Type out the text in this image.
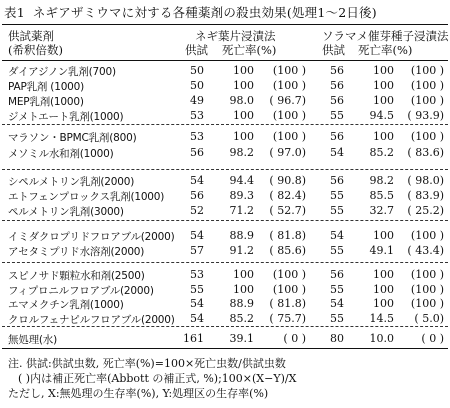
表1 ネギアザミウマに対する各種薬剤の殺虫効果(処理1〜2日後)
供試薬剤
(希釈倍数)
ネギ葉片浸漬法	ソラマメ催芽種子浸漬法
供試 死亡率(%)	供試 死亡率(%)
ダイアジノン乳剤(700)	50	100	(100 )	56	100	(100 )
PAP乳剤 (1000)	50	100	(100 )	56	100	(100 )
MEP乳剤(1000)	49	98.0	( 96.7)	56	100	(100 )
ジメトエート乳剤(1000)	53	100	(100 )	55	94.5	( 93.9)
マラソン・BPMC乳剤(800)	53	100	(100 )	56	100	(100 )
メソミル水和剤(1000)	56	98.2	( 97.0)	54	85.2	( 83.6)
シペルメトリン乳剤(2000)	54	94.4	( 90.8)	56	98.2	( 98.0)
エトフェンプロックス乳剤(1000)	56	89.3	( 82.4)	55	85.5	( 83.9)
ペルメトリン乳剤(3000)	52	71.2	( 52.7)	55	32.7	( 25.2)
イミダクロプリドフロアブル(2000)	54	88.9	( 81.8)	54	100	(100 )
アセタミプリド水溶剤(2000)	57	91.2	( 85.6)	55	49.1	( 43.4)
スピノサド顆粒水和剤(2500)	53	100	(100 )	56	100	(100 )
フィプロニルフロアブル(2000)	55	100	(100 )	55	100	(100 )
エマメクチン乳剤(1000)	54	88.9	( 81.8)	54	100	(100 )
クロルフェナピルフロアブル(2000)	54	85.2	( 75.7)	55	14.5	( 5.0)
無処理(水)	161	39.1	( 0 )	80	10.0	( 0 )
注. 供試:供試虫数, 死亡率(%)=100×死亡虫数/供試虫数
( )内は補正死亡率(Abbott の補正式, %);100×(X−Y)/X
ただし, X:無処理の生存率(%), Y:処理区の生存率(%)
